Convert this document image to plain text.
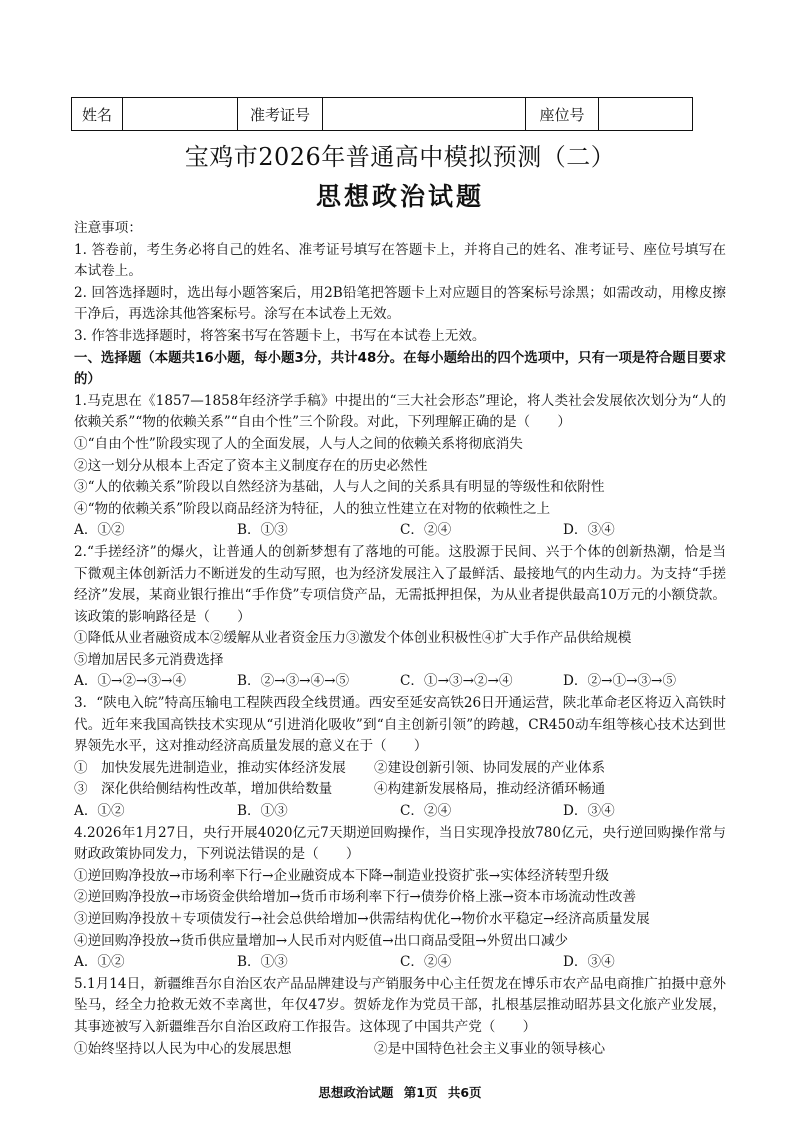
姓名		准考证号		座位号	
宝鸡市2026年普通高中模拟预测（二）
思想政治试题

注意事项：

1. 答卷前，考生务必将自己的姓名、准考证号填写在答题卡上，并将自己的姓名、准考证号、座位号填写在本试卷上。

2. 回答选择题时，选出每小题答案后，用2B铅笔把答题卡上对应题目的答案标号涂黑；如需改动，用橡皮擦干净后，再选涂其他答案标号。涂写在本试卷上无效。

3. 作答非选择题时，将答案书写在答题卡上，书写在本试卷上无效。

一、选择题（本题共16小题，每小题3分，共计48分。在每小题给出的四个选项中，只有一项是符合题目要求的）

1.马克思在《1857—1858年经济学手稿》中提出的“三大社会形态”理论，将人类社会发展依次划分为“人的依赖关系”“物的依赖关系”“自由个性”三个阶段。对此，下列理解正确的是（　　）

①“自由个性”阶段实现了人的全面发展，人与人之间的依赖关系将彻底消失

②这一划分从根本上否定了资本主义制度存在的历史必然性

③“人的依赖关系”阶段以自然经济为基础，人与人之间的关系具有明显的等级性和依附性

④“物的依赖关系”阶段以商品经济为特征，人的独立性建立在对物的依赖性之上

A．①②	B．①③	C．②④	D．③④

2.“手搓经济”的爆火，让普通人的创新梦想有了落地的可能。这股源于民间、兴于个体的创新热潮，恰是当下微观主体创新活力不断迸发的生动写照，也为经济发展注入了最鲜活、最接地气的内生动力。为支持“手搓经济”发展，某商业银行推出“手作贷”专项信贷产品，无需抵押担保，为从业者提供最高10万元的小额贷款。该政策的影响路径是（　　）

①降低从业者融资成本②缓解从业者资金压力③激发个体创业积极性④扩大手作产品供给规模

⑤增加居民多元消费选择

A．①→②→③→④	B．②→③→④→⑤	C．①→③→②→④	D．②→①→③→⑤

3．“陕电入皖”特高压输电工程陕西段全线贯通。西安至延安高铁26日开通运营，陕北革命老区将迈入高铁时代。近年来我国高铁技术实现从“引进消化吸收”到“自主创新引领”的跨越，CR450动车组等核心技术达到世界领先水平，这对推动经济高质量发展的意义在于（　　）

①　加快发展先进制造业，推动实体经济发展	②建设创新引领、协同发展的产业体系
③　深化供给侧结构性改革，增加供给数量	④构建新发展格局，推动经济循环畅通
A．①②	B．①③	C．②④	D．③④

4.2026年1月27日，央行开展4020亿元7天期逆回购操作，当日实现净投放780亿元，央行逆回购操作常与财政政策协同发力，下列说法错误的是（　　）

①逆回购净投放→市场利率下行→企业融资成本下降→制造业投资扩张→实体经济转型升级

②逆回购净投放→市场资金供给增加→货币市场利率下行→债券价格上涨→资本市场流动性改善

③逆回购净投放＋专项债发行→社会总供给增加→供需结构优化→物价水平稳定→经济高质量发展

④逆回购净投放→货币供应量增加→人民币对内贬值→出口商品受阻→外贸出口减少

A．①②	B．①③	C．②④	D．③④

5.1月14日，新疆维吾尔自治区农产品品牌建设与产销服务中心主任贺龙在博乐市农产品电商推广拍摄中意外坠马，经全力抢救无效不幸离世，年仅47岁。贺娇龙作为党员干部，扎根基层推动昭苏县文化旅产业发展，其事迹被写入新疆维吾尔自治区政府工作报告。这体现了中国共产党（　　）

①始终坚持以人民为中心的发展思想	②是中国特色社会主义事业的领导核心
思想政治试题 第1页 共6页
